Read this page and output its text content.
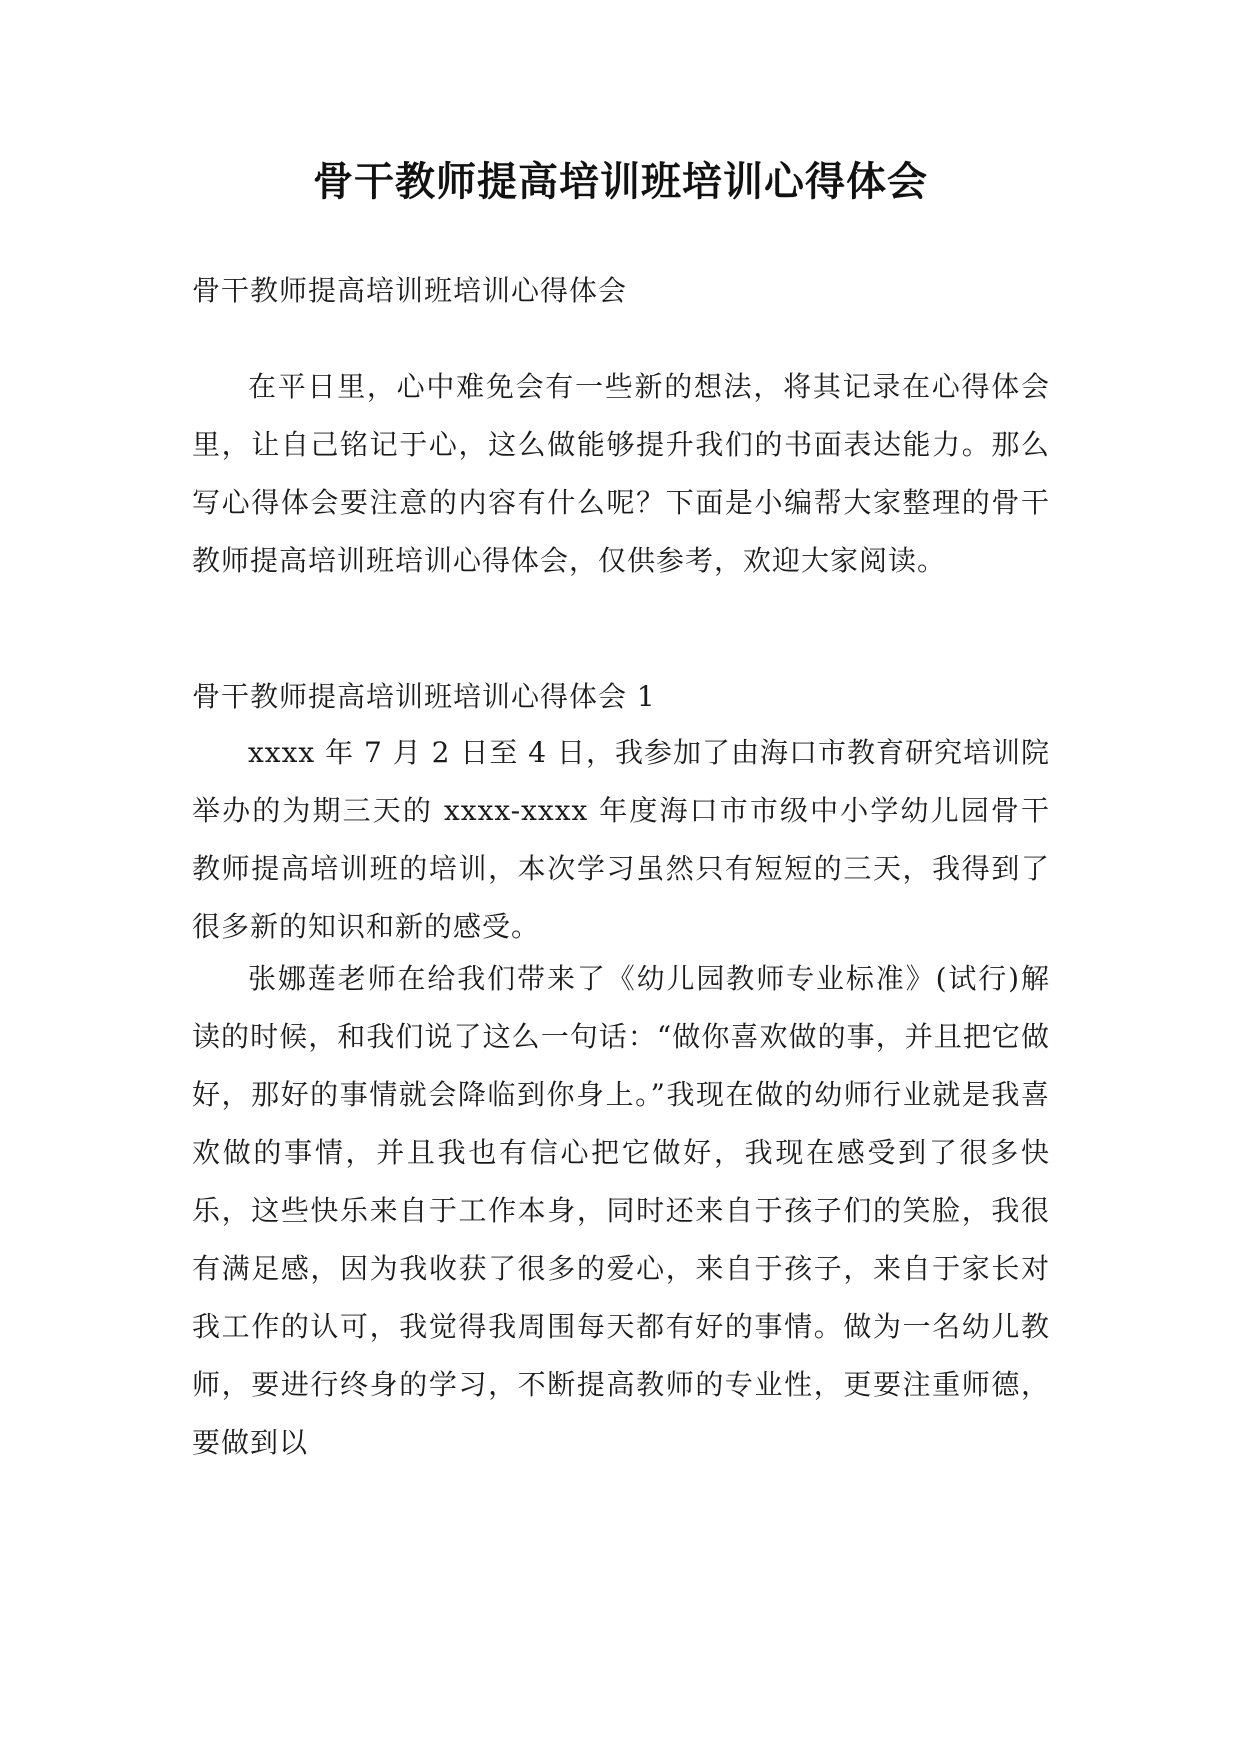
骨干教师提高培训班培训心得体会
骨干教师提高培训班培训心得体会
在平日里，心中难免会有一些新的想法，将其记录在心得体会里，让自己铭记于心，这么做能够提升我们的书面表达能力。那么写心得体会要注意的内容有什么呢？下面是小编帮大家整理的骨干教师提高培训班培训心得体会，仅供参考，欢迎大家阅读。
骨干教师提高培训班培训心得体会 1
xxxx 年 7 月 2 日至 4 日，我参加了由海口市教育研究培训院举办的为期三天的 xxxx-xxxx 年度海口市市级中小学幼儿园骨干教师提高培训班的培训，本次学习虽然只有短短的三天，我得到了很多新的知识和新的感受。
张娜莲老师在给我们带来了《幼儿园教师专业标准》(试行)解读的时候，和我们说了这么一句话：“做你喜欢做的事，并且把它做好，那好的事情就会降临到你身上。”我现在做的幼师行业就是我喜欢做的事情，并且我也有信心把它做好，我现在感受到了很多快乐，这些快乐来自于工作本身，同时还来自于孩子们的笑脸，我很有满足感，因为我收获了很多的爱心，来自于孩子，来自于家长对我工作的认可，我觉得我周围每天都有好的事情。做为一名幼儿教师，要进行终身的学习，不断提高教师的专业性，更要注重师德，要做到以
